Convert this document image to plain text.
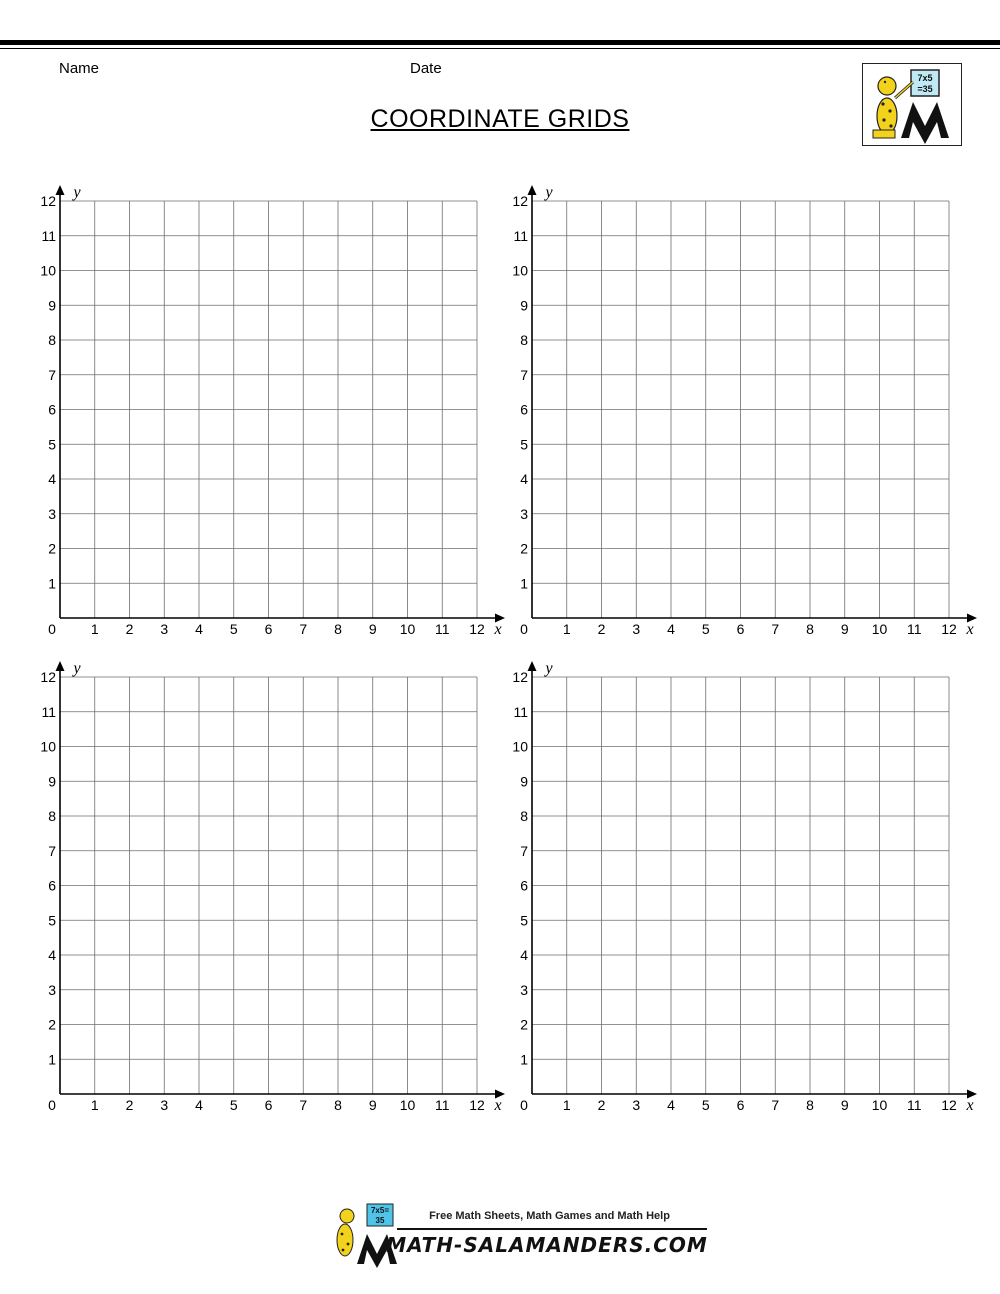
Name	Date
COORDINATE GRIDS
7x5
=35
0 1 2 3 4 5 6 7 8 9 10 11 12
1
2
3
4
5
6
7
8
9
10
11
12
x
y
0 1 2 3 4 5 6 7 8 9 10 11 12
1
2
3
4
5
6
7
8
9
10
11
12
x
y
0 1 2 3 4 5 6 7 8 9 10 11 12
1
2
3
4
5
6
7
8
9
10
11
12
x
y
0 1 2 3 4 5 6 7 8 9 10 11 12
1
2
3
4
5
6
7
8
9
10
11
12
x
y
7x5=
35	Free Math Sheets, Math Games and Math Help
MATH-SALAMANDERS.COM
